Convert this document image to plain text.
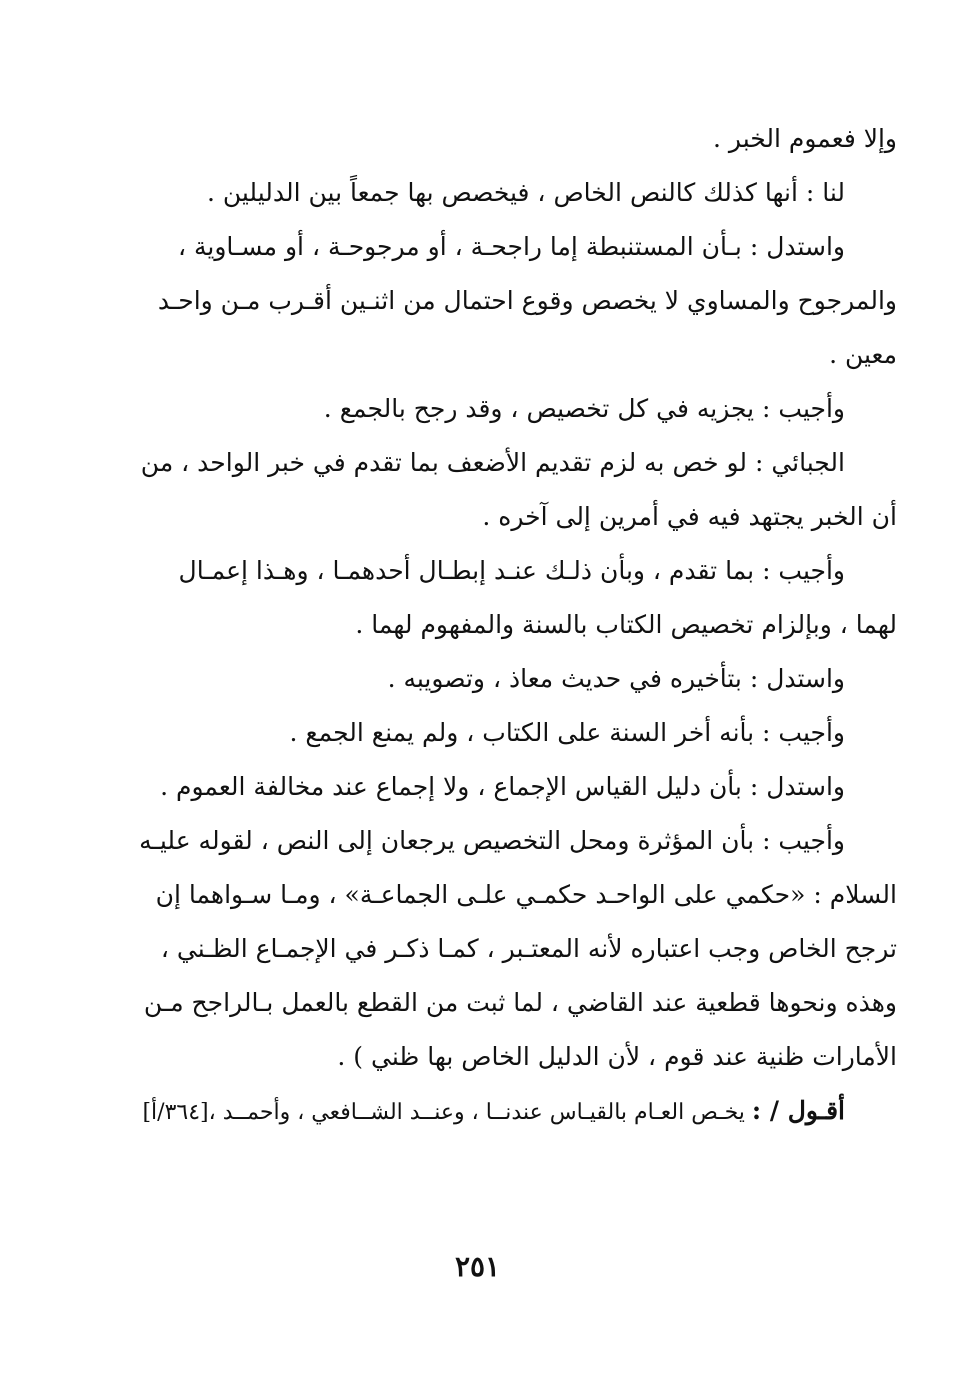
وإلا فعموم الخبر .
لنا : أنها كذلك كالنص الخاص ، فيخصص بها جمعاً بين الدليلين .
واستدل : بـأن المستنبطة إما راجحـة ، أو مرجوحـة ، أو مسـاوية ،
والمرجوح والمساوي لا يخصص وقوع احتمال من اثنـين أقـرب مـن واحـد
معين .
وأجيب : يجزيه في كل تخصيص ، وقد رجح بالجمع .
الجبائي : لو خص به لزم تقديم الأضعف بما تقدم في خبر الواحد ، من
أن الخبر يجتهد فيه في أمرين إلى آخره .
وأجيب : بما تقدم ، وبأن ذلـك عنـد إبطـال أحدهمـا ، وهـذا إعمـال
لهما ، وبإلزام تخصيص الكتاب بالسنة والمفهوم لهما .
واستدل : بتأخيره في حديث معاذ ، وتصويبه .
وأجيب : بأنه أخر السنة على الكتاب ، ولم يمنع الجمع .
واستدل : بأن دليل القياس الإجماع ، ولا إجماع عند مخالفة العموم .
وأجيب : بأن المؤثرة ومحل التخصيص يرجعان إلى النص ، لقوله عليـه
السلام : «حكمي على الواحـد حكمـي علـى الجماعـة» ، ومـا سـواهما إن
ترجح الخاص وجب اعتباره لأنه المعتـبر ، كمـا ذكـر في الإجمـاع الظـني ،
وهذه ونحوها قطعية عند القاضي ، لما ثبت من القطع بالعمل بـالراجح مـن
الأمارات ظنية عند قوم ، لأن الدليل الخاص بها ظني ) .
أقـول / : يخـص العـام بالقيـاس عندنــا ، وعنــد الشــافعي ، وأحمــد ،[٣٦٤/أ]
٢٥١
